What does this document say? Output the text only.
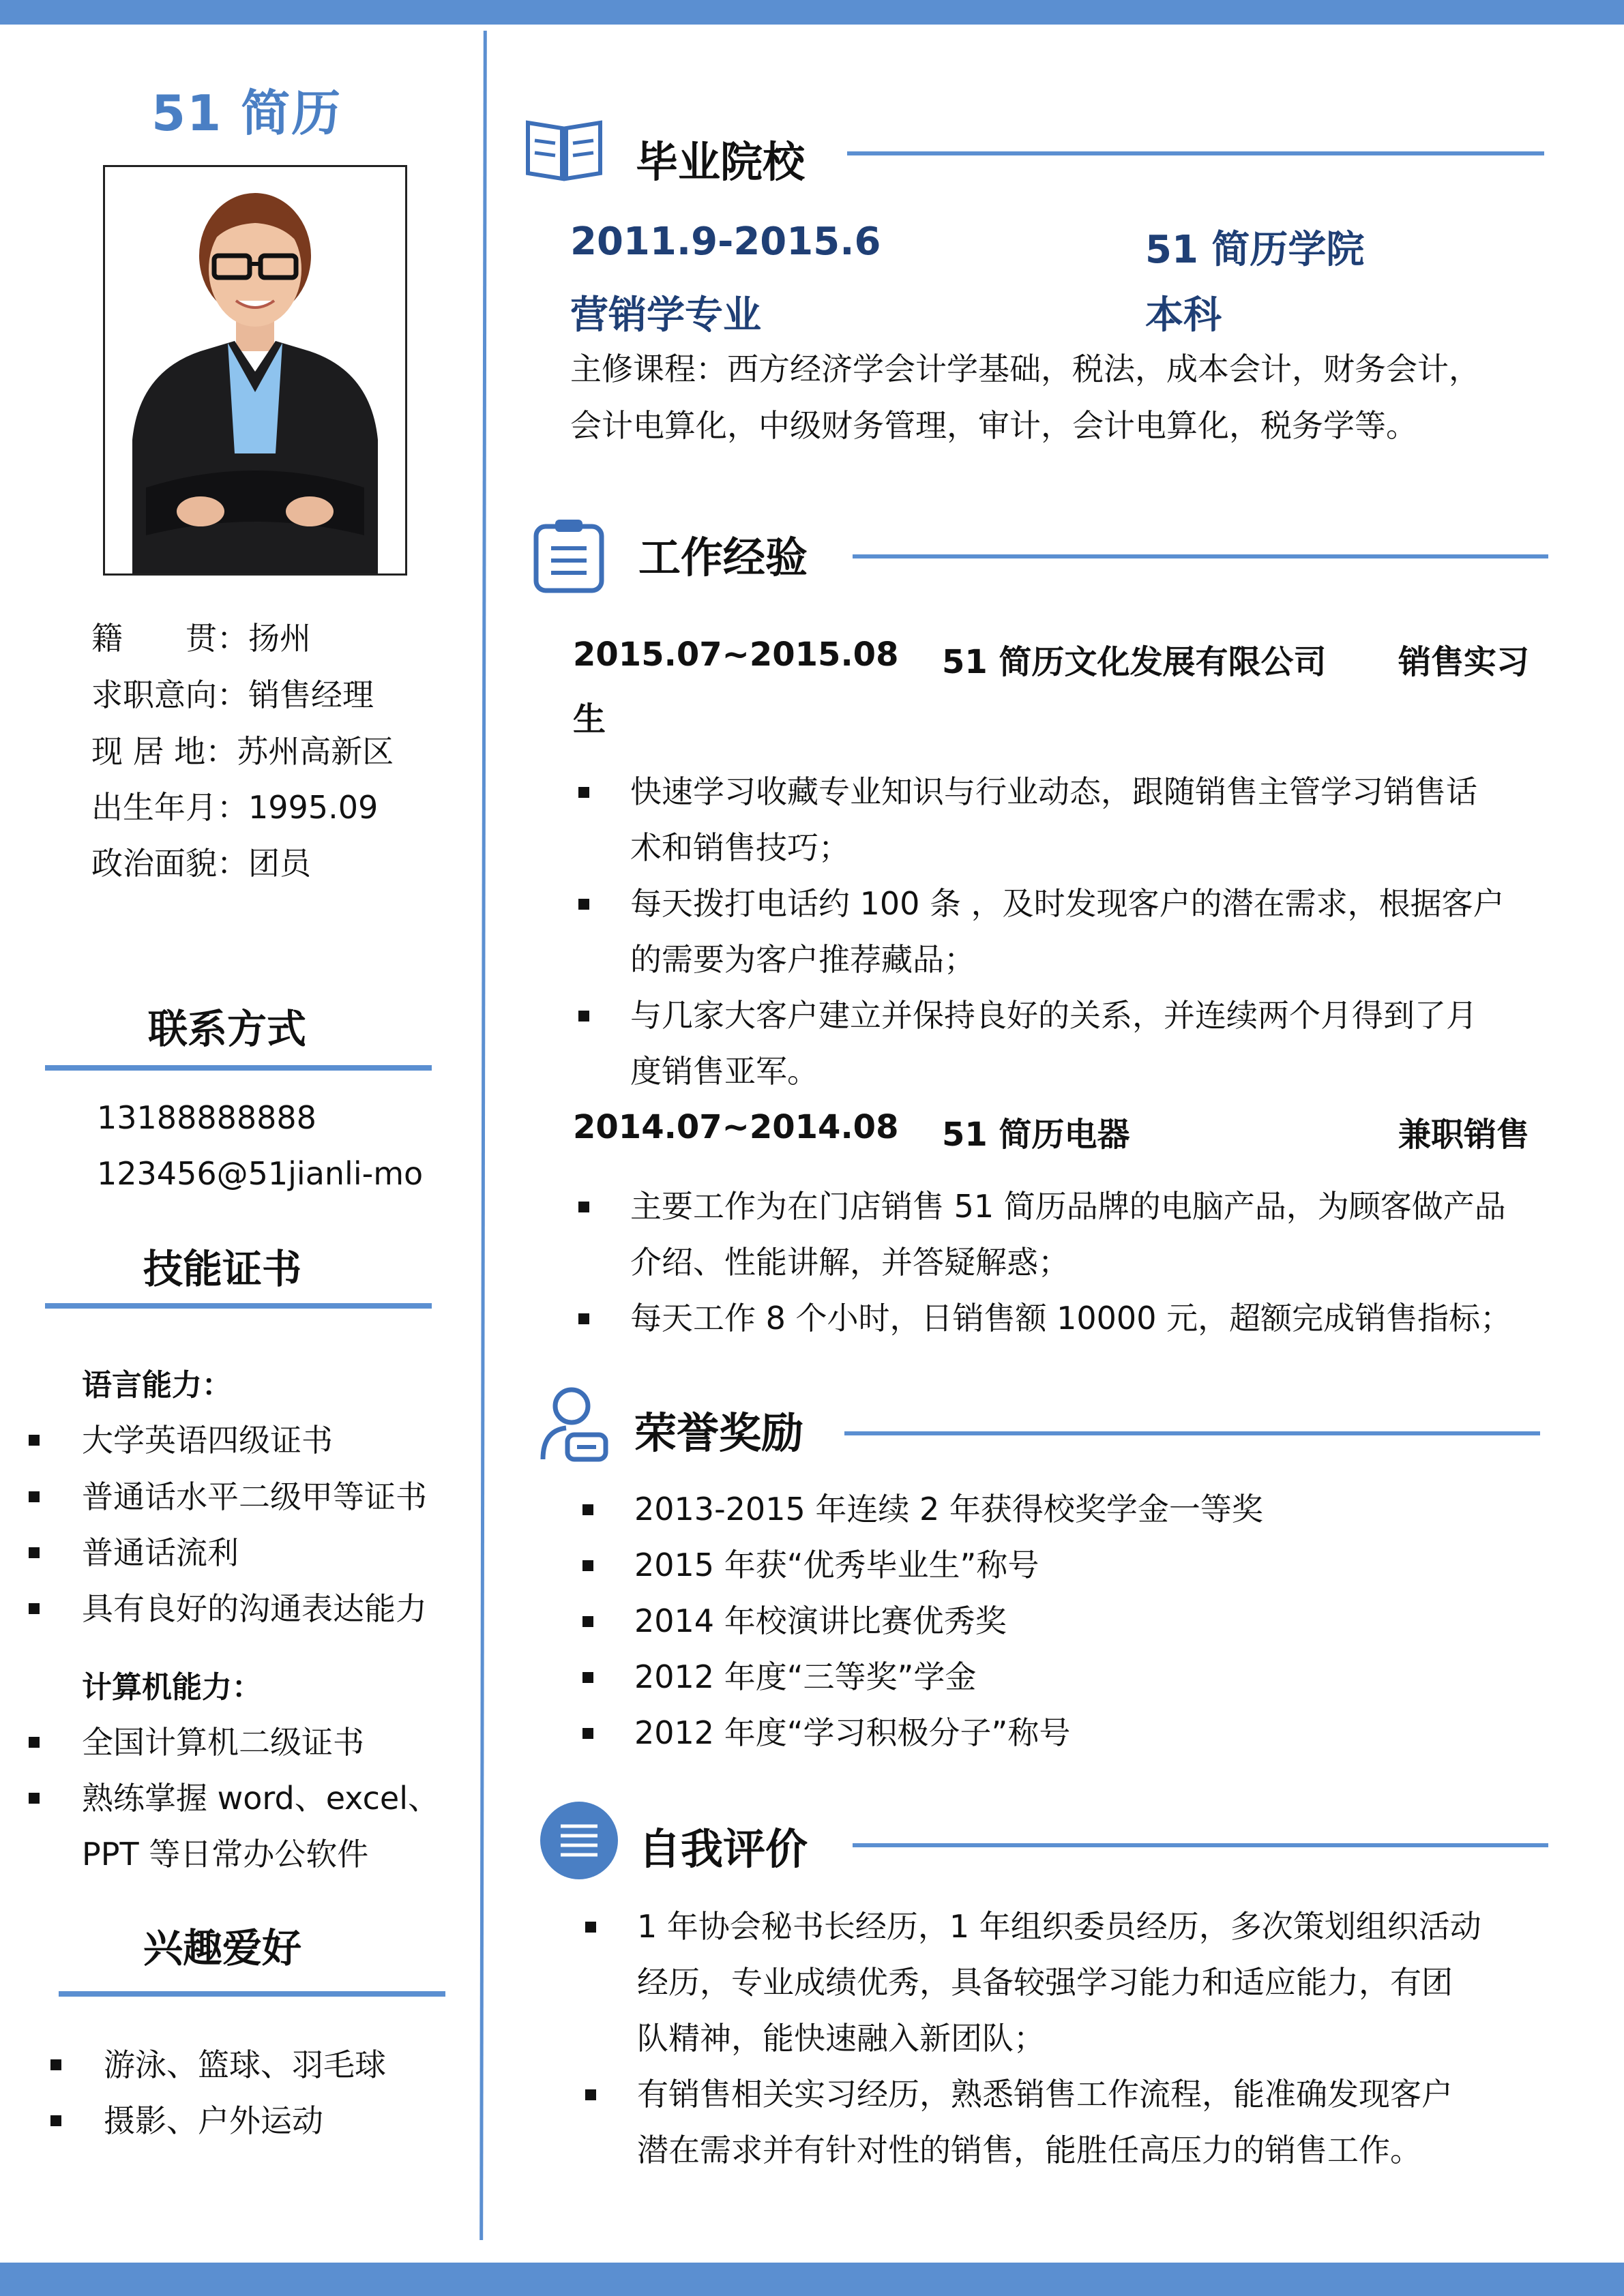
51 简历
籍　　贯：扬州
求职意向：销售经理
现 居 地：苏州高新区
出生年月：1995.09
政治面貌：团员
联系方式
13188888888
123456@51jianli-mo
技能证书
语言能力：
大学英语四级证书
普通话水平二级甲等证书
普通话流利
具有良好的沟通表达能力
计算机能力：
全国计算机二级证书
熟练掌握 word、excel、
PPT 等日常办公软件
兴趣爱好
游泳、篮球、羽毛球
摄影、户外运动
毕业院校
2011.9-2015.6	51 简历学院
营销学专业	本科
主修课程：西方经济学会计学基础，税法，成本会计，财务会计，
会计电算化，中级财务管理，审计，会计电算化，税务学等。
工作经验
2015.07~2015.08 51 简历文化发展有限公司 销售实习
生
快速学习收藏专业知识与行业动态，跟随销售主管学习销售话
术和销售技巧；
每天拨打电话约 100 条 ，及时发现客户的潜在需求，根据客户
的需要为客户推荐藏品；
与几家大客户建立并保持良好的关系，并连续两个月得到了月
度销售亚军。
2014.07~2014.08 51 简历电器	兼职销售
主要工作为在门店销售 51 简历品牌的电脑产品，为顾客做产品
介绍、性能讲解，并答疑解惑；
每天工作 8 个小时，日销售额 10000 元，超额完成销售指标；
荣誉奖励
2013-2015 年连续 2 年获得校奖学金一等奖
2015 年获“优秀毕业生”称号
2014 年校演讲比赛优秀奖
2012 年度“三等奖”学金
2012 年度“学习积极分子”称号
自我评价
1 年协会秘书长经历，1 年组织委员经历，多次策划组织活动
经历，专业成绩优秀，具备较强学习能力和适应能力，有团
队精神，能快速融入新团队；
有销售相关实习经历，熟悉销售工作流程，能准确发现客户
潜在需求并有针对性的销售，能胜任高压力的销售工作。
